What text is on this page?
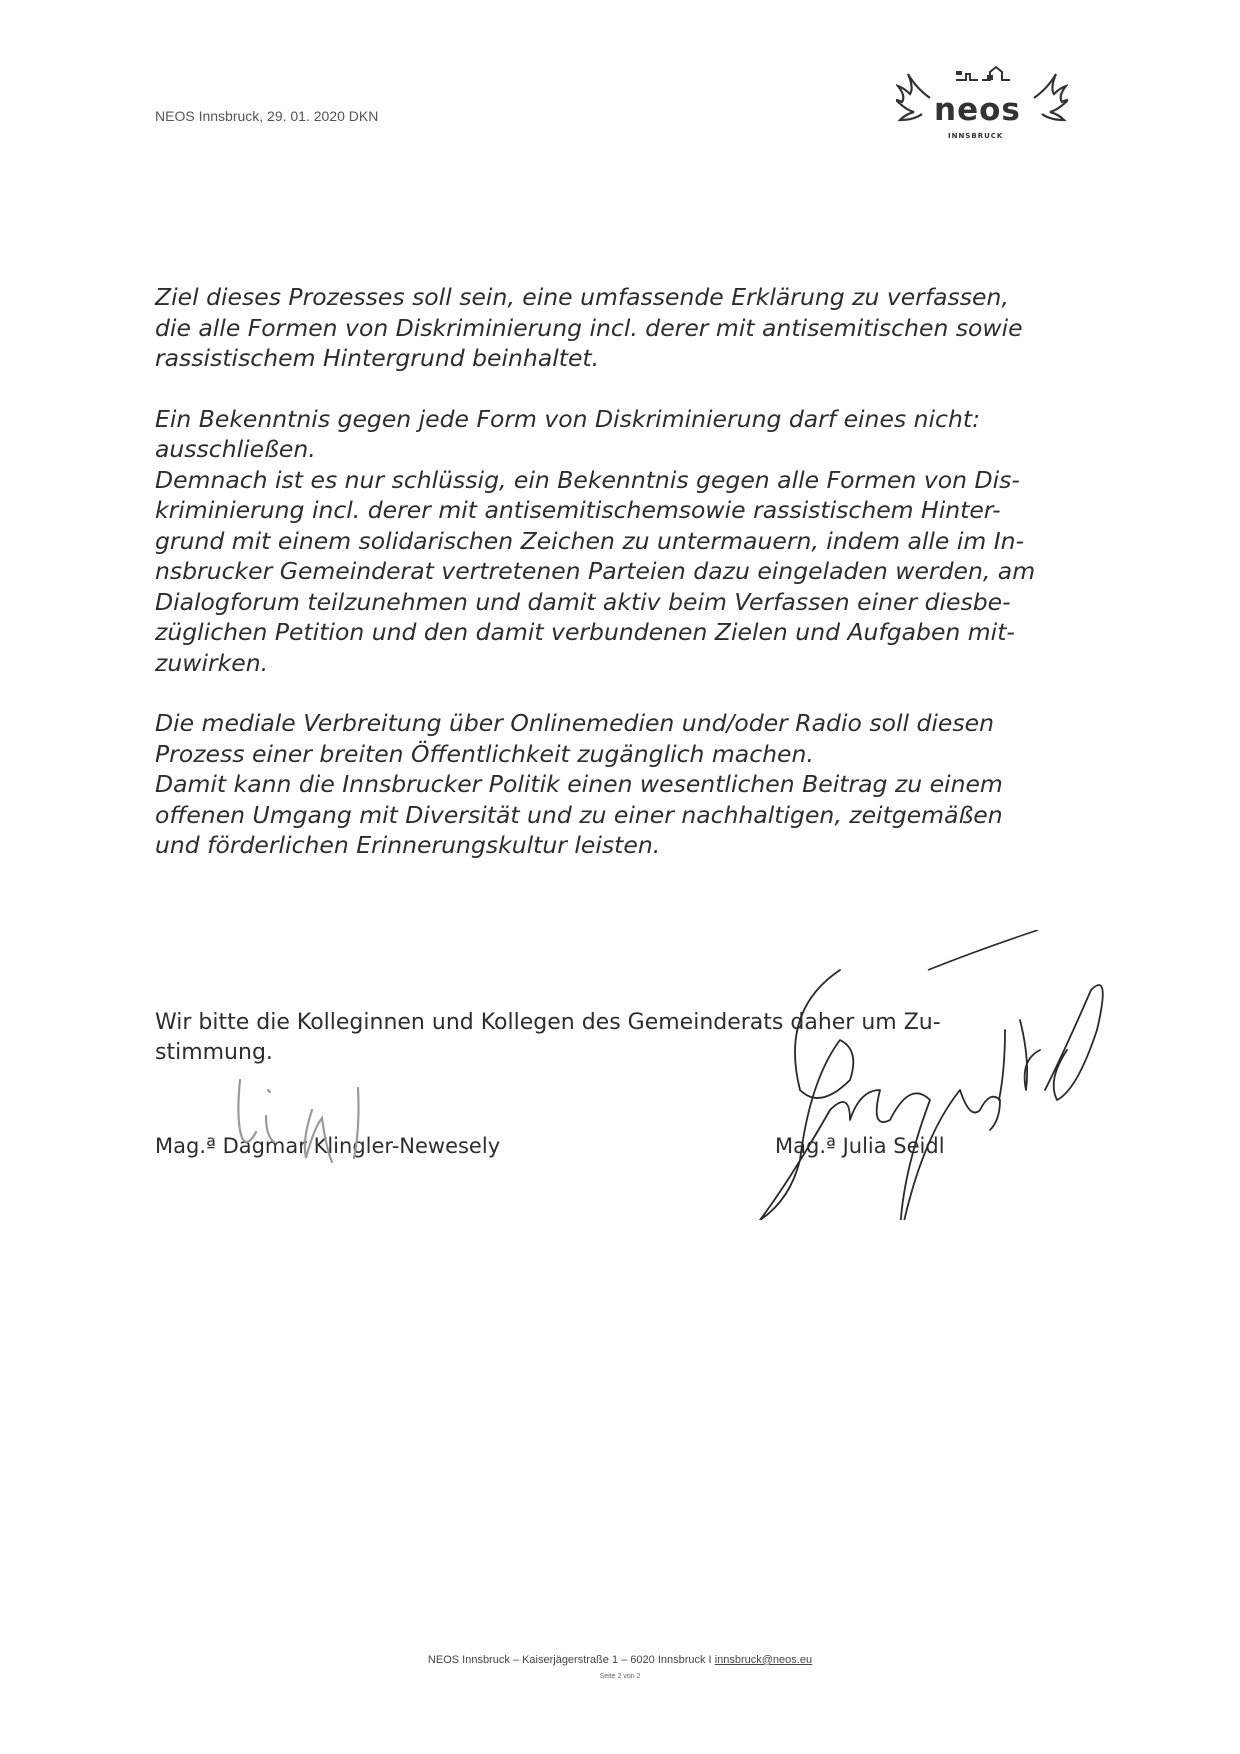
NEOS Innsbruck, 29. 01. 2020 DKN	neos
INNSBRUCK

Ziel dieses Prozesses soll sein, eine umfassende Erklärung zu verfassen,
die alle Formen von Diskriminierung incl. derer mit antisemitischen sowie
rassistischem Hintergrund beinhaltet.

Ein Bekenntnis gegen jede Form von Diskriminierung darf eines nicht:
ausschließen.
Demnach ist es nur schlüssig, ein Bekenntnis gegen alle Formen von Dis-
kriminierung incl. derer mit antisemitischemsowie rassistischem Hinter-
grund mit einem solidarischen Zeichen zu untermauern, indem alle im In-
nsbrucker Gemeinderat vertretenen Parteien dazu eingeladen werden, am
Dialogforum teilzunehmen und damit aktiv beim Verfassen einer diesbe-
züglichen Petition und den damit verbundenen Zielen und Aufgaben mit-
zuwirken.

Die mediale Verbreitung über Onlinemedien und/oder Radio soll diesen
Prozess einer breiten Öffentlichkeit zugänglich machen.
Damit kann die Innsbrucker Politik einen wesentlichen Beitrag zu einem
offenen Umgang mit Diversität und zu einer nachhaltigen, zeitgemäßen
und förderlichen Erinnerungskultur leisten.

Wir bitte die Kolleginnen und Kollegen des Gemeinderats daher um Zu-
stimmung.
Mag.ª Dagmar Klingler-Newesely	Mag.ª Julia Seidl
NEOS Innsbruck – Kaiserjägerstraße 1 – 6020 Innsbruck I innsbruck@neos.eu
Seite 2 von 2
